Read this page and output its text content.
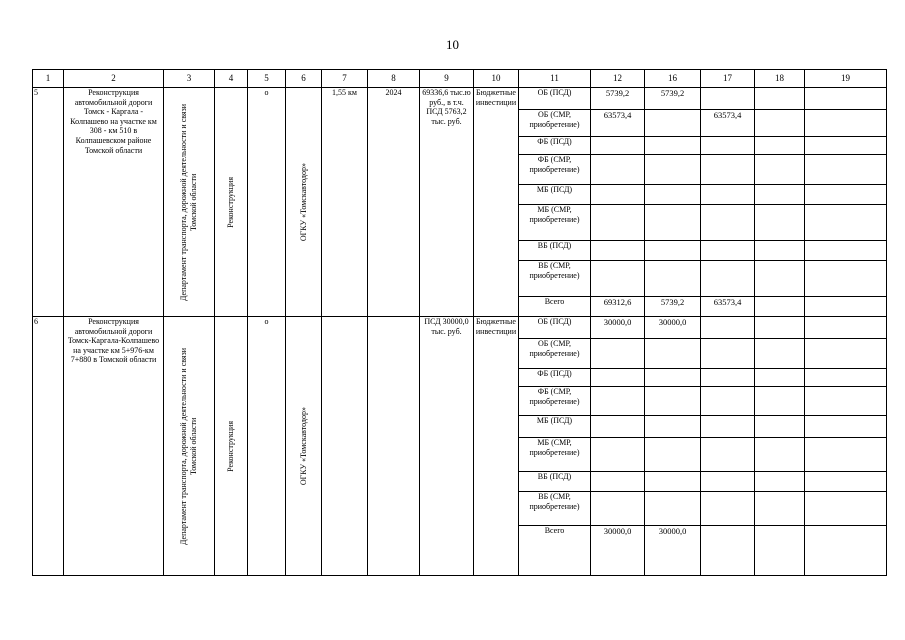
10
1	2	3	4	5	6	7	8	9	10	11	12	16	17	18	19
5	Реконструкция автомобильной дороги Томск - Каргала - Колпашево на участке км 308 - км 510 в Колпашевском районе Томской области	Департамент транспорта, дорожной деятельности и связи Томской области	Реконструкция	о	ОГКУ «Томскавтодор»	1,55 км	2024	69336,6 тыс.ю руб., в т.ч. ПСД 5763,2 тыс. руб.	Бюджетные инвестиции	ОБ (ПСД)	5739,2	5739,2			
										ОБ (СМР, приобретение)	63573,4		63573,4		
										ФБ (ПСД)					
										ФБ (СМР, приобретение)					
										МБ (ПСД)					
										МБ (СМР, приобретение)					
										ВБ (ПСД)					
										ВБ (СМР, приобретение)					
										Всего	69312,6	5739,2	63573,4		
6	Реконструкция автомобильной дороги Томск-Каргала-Колпашево на участке км 5+976-км 7+880 в Томской области	Департамент транспорта, дорожной деятельности и связи Томской области	Реконструкция	о	ОГКУ «Томскавтодор»			ПСД 30000,0 тыс. руб.	Бюджетные инвестиции	ОБ (ПСД)	30000,0	30000,0			
										ОБ (СМР, приобретение)					
										ФБ (ПСД)					
										ФБ (СМР, приобретение)					
										МБ (ПСД)					
										МБ (СМР, приобретение)					
										ВБ (ПСД)					
										ВБ (СМР, приобретение)					
										Всего	30000,0	30000,0			
